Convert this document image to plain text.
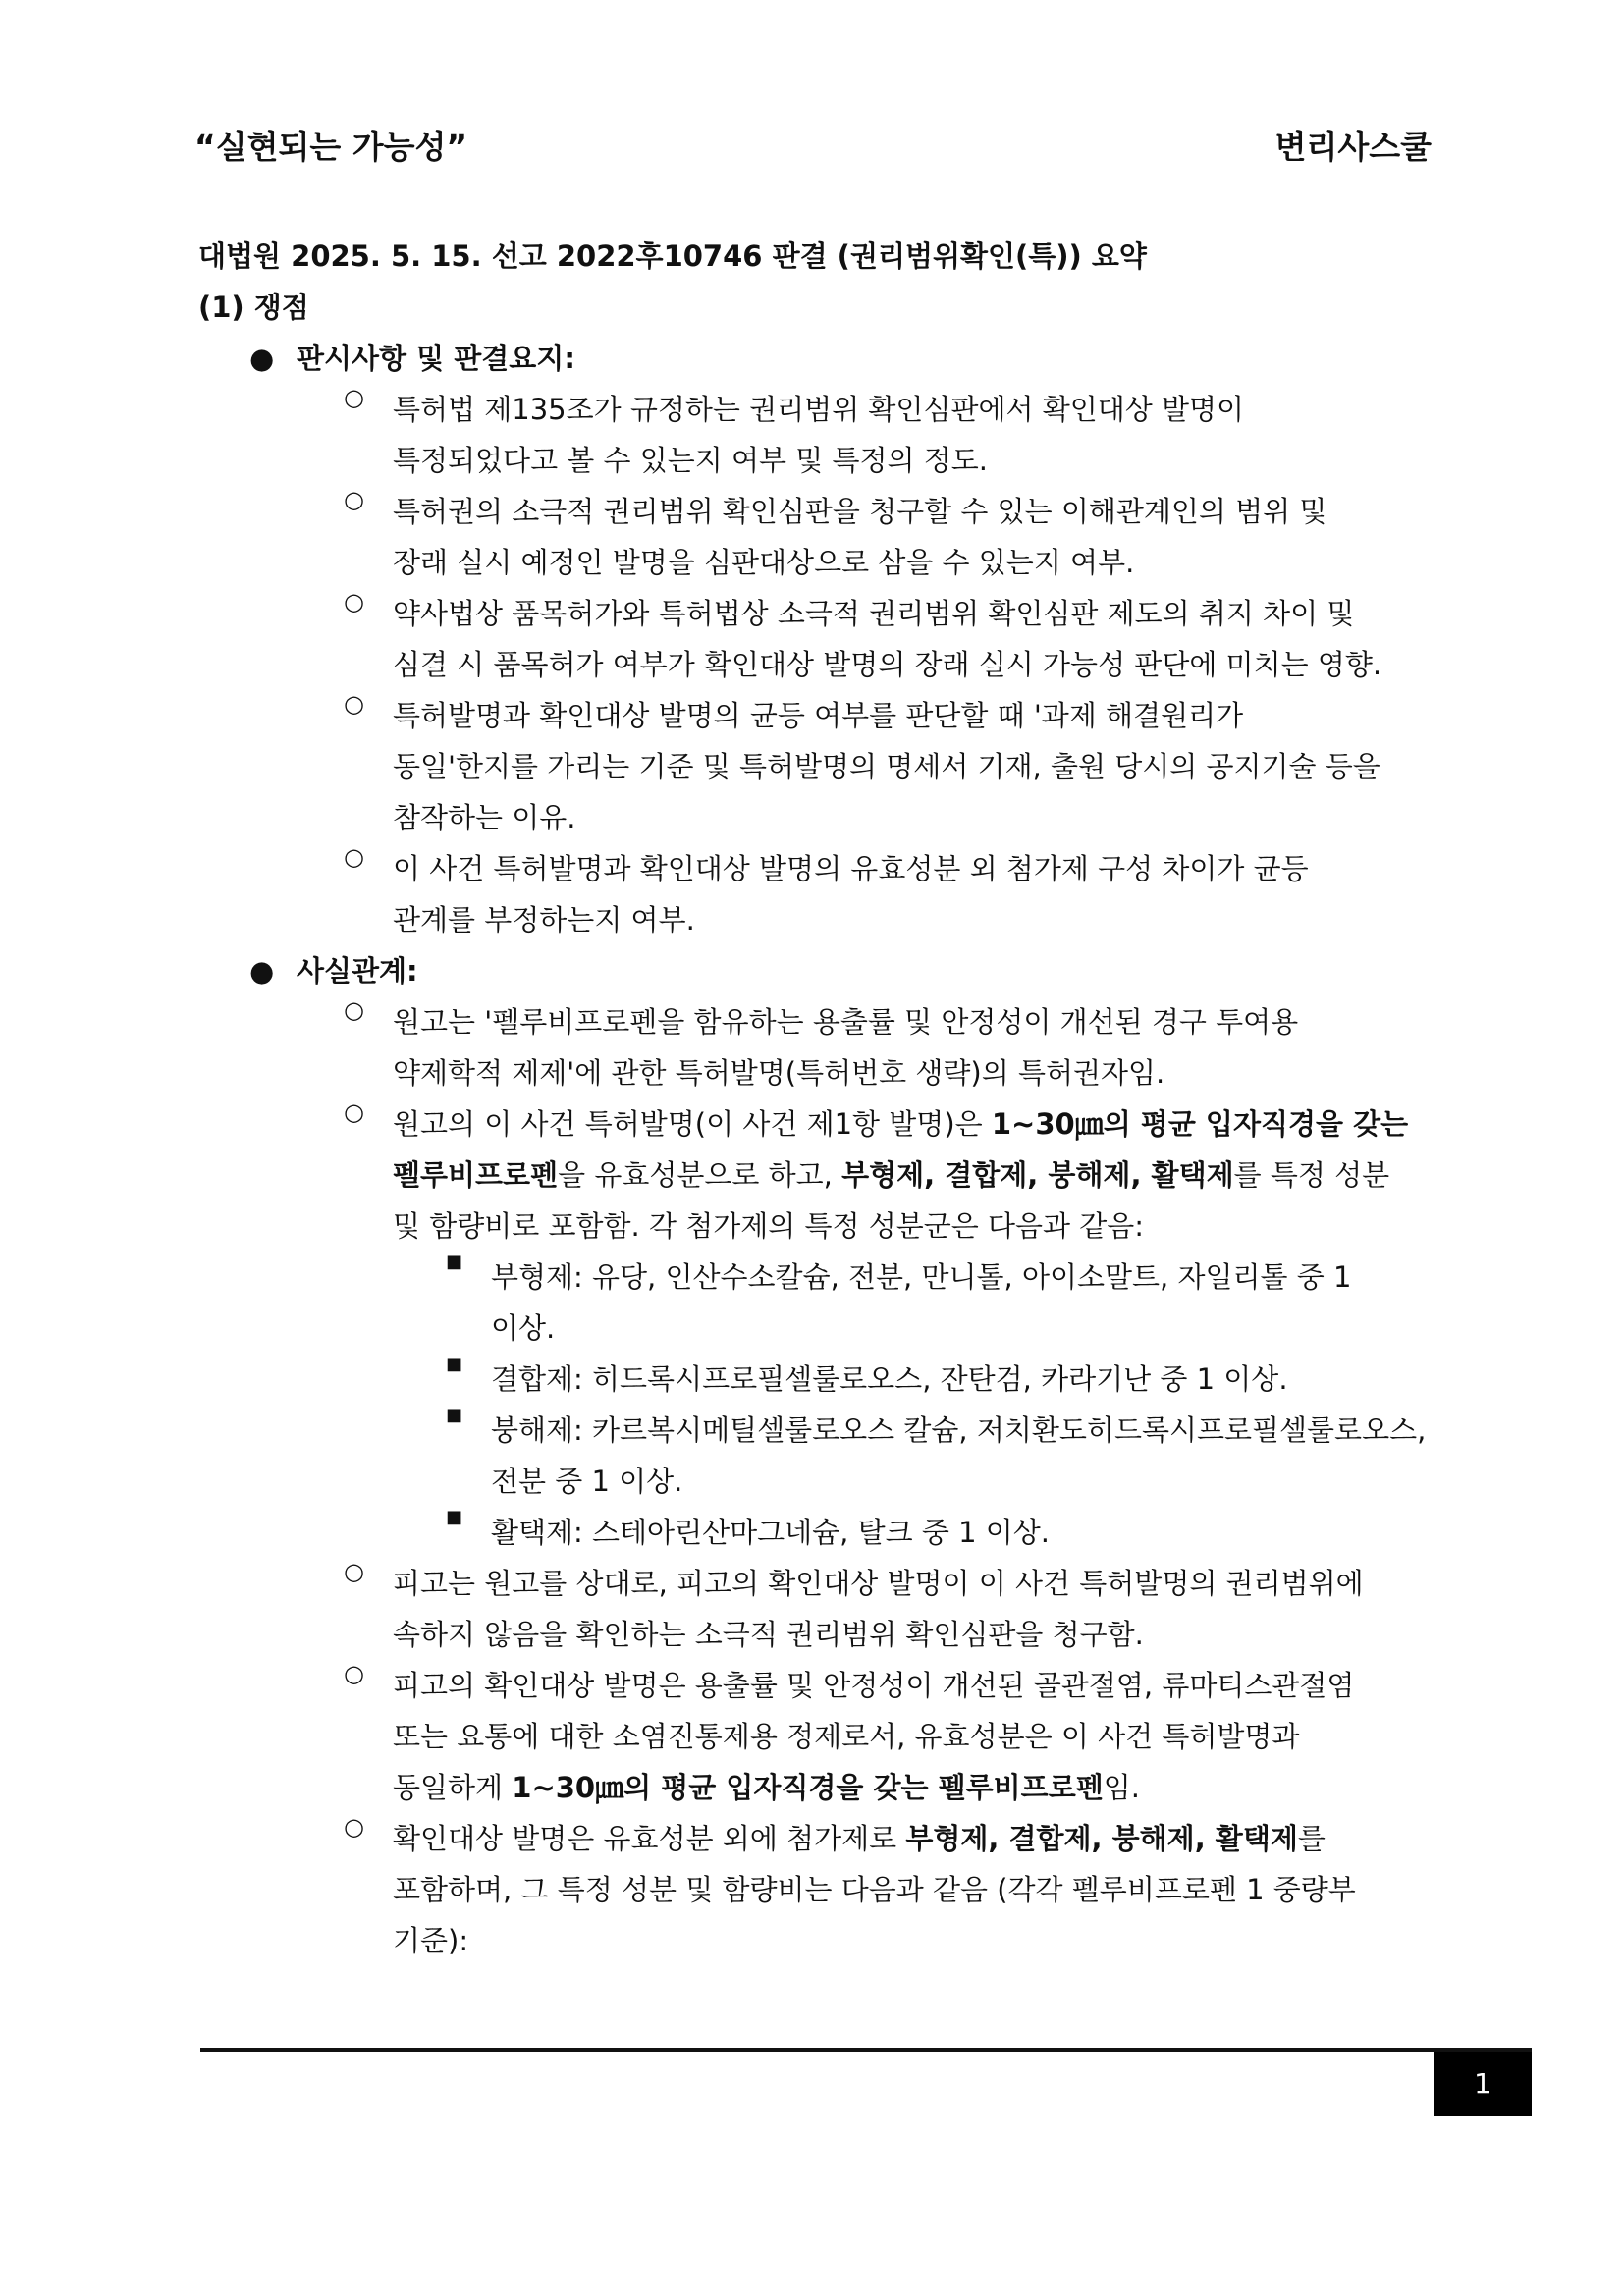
“실현되는 가능성”	변리사스쿨
대법원 2025. 5. 15. 선고 2022후10746 판결 (권리범위확인(특)) 요약
(1) 쟁점
● 판시사항 및 판결요지:
○ 특허법 제135조가 규정하는 권리범위 확인심판에서 확인대상 발명이

특정되었다고 볼 수 있는지 여부 및 특정의 정도.

○ 특허권의 소극적 권리범위 확인심판을 청구할 수 있는 이해관계인의 범위 및

장래 실시 예정인 발명을 심판대상으로 삼을 수 있는지 여부.

○ 약사법상 품목허가와 특허법상 소극적 권리범위 확인심판 제도의 취지 차이 및

심결 시 품목허가 여부가 확인대상 발명의 장래 실시 가능성 판단에 미치는 영향.

○ 특허발명과 확인대상 발명의 균등 여부를 판단할 때 '과제 해결원리가

동일'한지를 가리는 기준 및 특허발명의 명세서 기재, 출원 당시의 공지기술 등을

참작하는 이유.

○ 이 사건 특허발명과 확인대상 발명의 유효성분 외 첨가제 구성 차이가 균등

관계를 부정하는지 여부.

● 사실관계:
○ 원고는 '펠루비프로펜을 함유하는 용출률 및 안정성이 개선된 경구 투여용

약제학적 제제'에 관한 특허발명(특허번호 생략)의 특허권자임.

○ 원고의 이 사건 특허발명(이 사건 제1항 발명)은 1~30㎛의 평균 입자직경을 갖는

펠루비프로펜을 유효성분으로 하고, 부형제, 결합제, 붕해제, 활택제를 특정 성분

및 함량비로 포함함. 각 첨가제의 특정 성분군은 다음과 같음:

■ 부형제: 유당, 인산수소칼슘, 전분, 만니톨, 아이소말트, 자일리톨 중 1

이상.

■ 결합제: 히드록시프로필셀룰로오스, 잔탄검, 카라기난 중 1 이상.

■ 붕해제: 카르복시메틸셀룰로오스 칼슘, 저치환도히드록시프로필셀룰로오스,

전분 중 1 이상.

■ 활택제: 스테아린산마그네슘, 탈크 중 1 이상.

○ 피고는 원고를 상대로, 피고의 확인대상 발명이 이 사건 특허발명의 권리범위에

속하지 않음을 확인하는 소극적 권리범위 확인심판을 청구함.

○ 피고의 확인대상 발명은 용출률 및 안정성이 개선된 골관절염, 류마티스관절염

또는 요통에 대한 소염진통제용 정제로서, 유효성분은 이 사건 특허발명과

동일하게 1~30㎛의 평균 입자직경을 갖는 펠루비프로펜임.

○ 확인대상 발명은 유효성분 외에 첨가제로 부형제, 결합제, 붕해제, 활택제를

포함하며, 그 특정 성분 및 함량비는 다음과 같음 (각각 펠루비프로펜 1 중량부

기준):

1
